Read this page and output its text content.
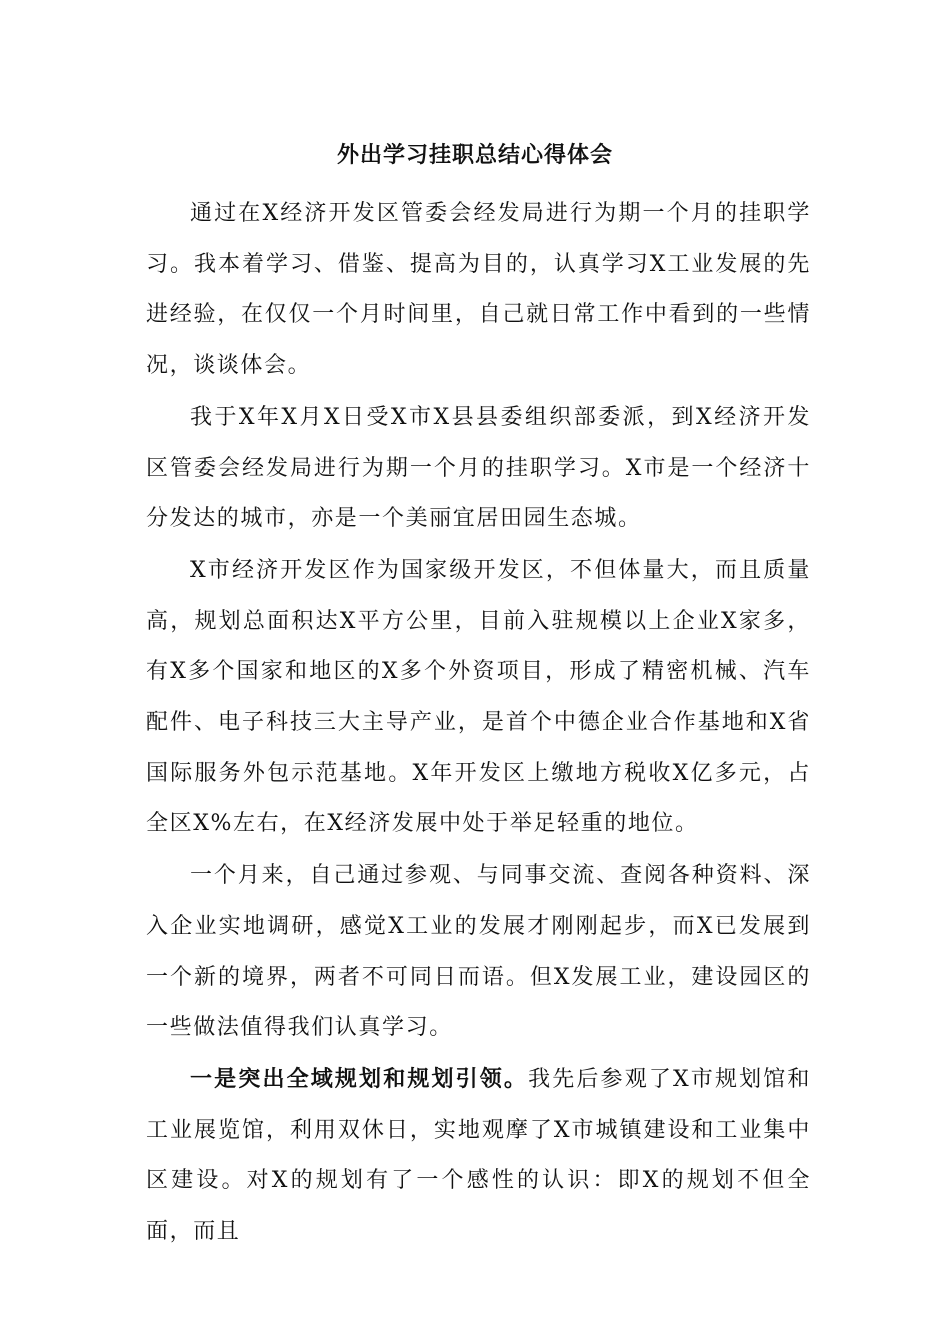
外出学习挂职总结心得体会

通过在X经济开发区管委会经发局进行为期一个月的挂职学习。我本着学习、借鉴、提高为目的，认真学习X工业发展的先进经验，在仅仅一个月时间里，自己就日常工作中看到的一些情况，谈谈体会。

我于X年X月X日受X市X县县委组织部委派，到X经济开发区管委会经发局进行为期一个月的挂职学习。X市是一个经济十分发达的城市，亦是一个美丽宜居田园生态城。

X市经济开发区作为国家级开发区，不但体量大，而且质量高，规划总面积达X平方公里，目前入驻规模以上企业X家多，有X多个国家和地区的X多个外资项目，形成了精密机械、汽车配件、电子科技三大主导产业，是首个中德企业合作基地和X省国际服务外包示范基地。X年开发区上缴地方税收X亿多元，占全区X%左右，在X经济发展中处于举足轻重的地位。

一个月来，自己通过参观、与同事交流、查阅各种资料、深入企业实地调研，感觉X工业的发展才刚刚起步，而X已发展到一个新的境界，两者不可同日而语。但X发展工业，建设园区的一些做法值得我们认真学习。

一是突出全域规划和规划引领。我先后参观了X市规划馆和工业展览馆，利用双休日，实地观摩了X市城镇建设和工业集中区建设。对X的规划有了一个感性的认识：即X的规划不但全面，而且
